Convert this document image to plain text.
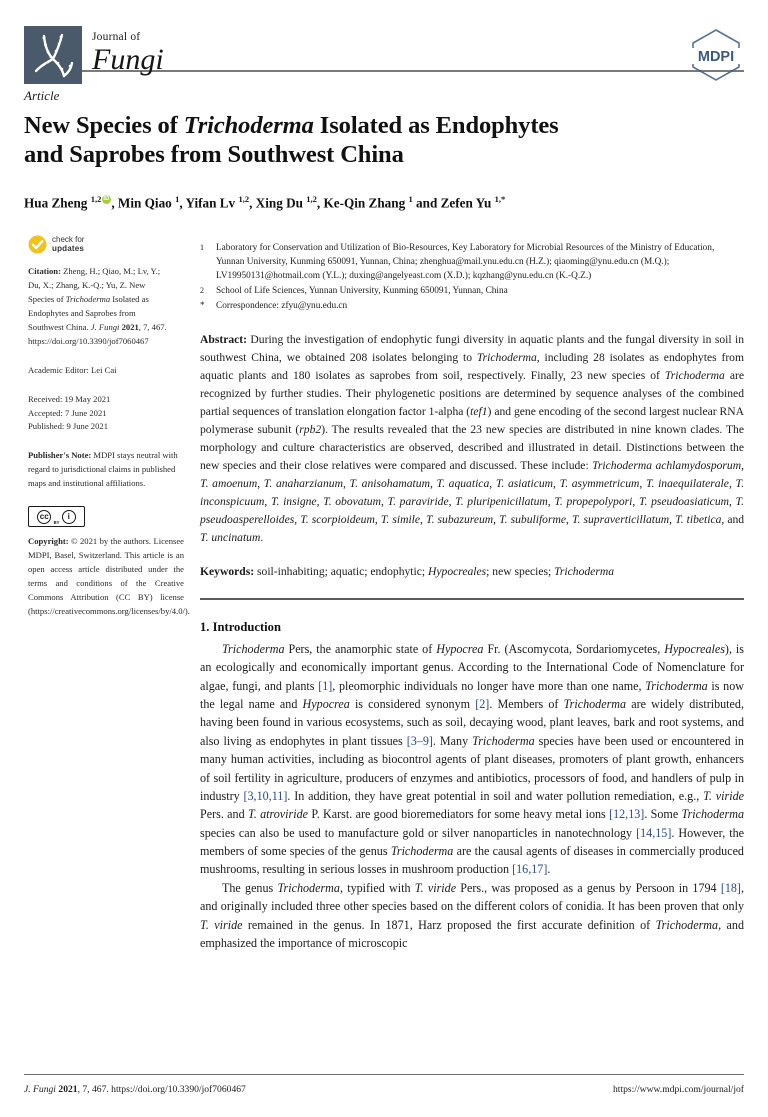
Journal of
Fungi	MDPI
Article
New Species of Trichoderma Isolated as Endophytes
and Saprobes from Southwest China
Hua Zheng $^{1,2}$ iD , Min Qiao $^1$, Yifan Lv $^{1,2}$, Xing Du $^{1,2}$, Ke-Qin Zhang $^1$ and Zefen Yu $^{1,*}$
check for
updates
Citation: Zheng, H.; Qiao, M.; Lv, Y.;
Du, X.; Zhang, K.-Q.; Yu, Z. New
Species of Trichoderma Isolated as
Endophytes and Saprobes from
Southwest China. J. Fungi 2021, 7, 467.
https://doi.org/10.3390/jof7060467
Academic Editor: Lei Cai
Received: 19 May 2021
Accepted: 7 June 2021
Published: 9 June 2021
Publisher's Note: MDPI stays neutral with regard to jurisdictional claims in published maps and institutional affiliations.
cc	i
BY
Copyright: © 2021 by the authors. Licensee MDPI, Basel, Switzerland. This article is an open access article distributed under the terms and conditions of the Creative Commons Attribution (CC BY) license (https://creativecommons.org/licenses/by/4.0/).
1	Laboratory for Conservation and Utilization of Bio-Resources, Key Laboratory for Microbial Resources of the Ministry of Education, Yunnan University, Kunming 650091, Yunnan, China; zhenghua@mail.ynu.edu.cn (H.Z.); qiaoming@ynu.edu.cn (M.Q.); LV19950131@hotmail.com (Y.L.); duxing@angelyeast.com (X.D.); kqzhang@ynu.edu.cn (K.-Q.Z.)
2	School of Life Sciences, Yunnan University, Kunming 650091, Yunnan, China
*	Correspondence: zfyu@ynu.edu.cn
Abstract: During the investigation of endophytic fungi diversity in aquatic plants and the fungal diversity in soil in southwest China, we obtained 208 isolates belonging to Trichoderma, including 28 isolates as endophytes from aquatic plants and 180 isolates as saprobes from soil, respectively. Finally, 23 new species of Trichoderma are recognized by further studies. Their phylogenetic positions are determined by sequence analyses of the combined partial sequences of translation elongation factor 1-alpha (tef1) and gene encoding of the second largest nuclear RNA polymerase subunit (rpb2). The results revealed that the 23 new species are distributed in nine known clades. The morphology and culture characteristics are observed, described and illustrated in detail. Distinctions between the new species and their close relatives were compared and discussed. These include: Trichoderma achlamydosporum, T. amoenum, T. anaharzianum, T. anisohamatum, T. aquatica, T. asiaticum, T. asymmetricum, T. inaequilaterale, T. inconspicuum, T. insigne, T. obovatum, T. paraviride, T. pluripenicillatum, T. propepolypori, T. pseudoasiaticum, T. pseudoasperelloides, T. scorpioideum, T. simile, T. subazureum, T. subuliforme, T. supraverticillatum, T. tibetica, and T. uncinatum.
Keywords: soil-inhabiting; aquatic; endophytic; Hypocreales; new species; Trichoderma
1. Introduction

Trichoderma Pers, the anamorphic state of Hypocrea Fr. (Ascomycota, Sordariomycetes, Hypocreales), is an ecologically and economically important genus. According to the International Code of Nomenclature for algae, fungi, and plants [1], pleomorphic individuals no longer have more than one name, Trichoderma is now the legal name and Hypocrea is considered synonym [2]. Members of Trichoderma are widely distributed, having been found in various ecosystems, such as soil, decaying wood, plant leaves, bark and root systems, and also living as endophytes in plant tissues [3–9]. Many Trichoderma species have been used or encountered in many human activities, including as biocontrol agents of plant diseases, promoters of plant growth, enhancers of soil fertility in agriculture, producers of enzymes and antibiotics, processors of food, and handlers of pulp in industry [3,10,11]. In addition, they have great potential in soil and water pollution remediation, e.g., T. viride Pers. and T. atroviride P. Karst. are good bioremediators for some heavy metal ions [12,13]. Some Trichoderma species can also be used to manufacture gold or silver nanoparticles in nanotechnology [14,15]. However, the members of some species of the genus Trichoderma are the causal agents of diseases in commercially produced mushrooms, resulting in serious losses in mushroom production [16,17].

The genus Trichoderma, typified with T. viride Pers., was proposed as a genus by Persoon in 1794 [18], and originally included three other species based on the different colors of conidia. It has been proven that only T. viride remained in the genus. In 1871, Harz proposed the first accurate definition of Trichoderma, and emphasized the importance of microscopic

J. Fungi 2021, 7, 467. https://doi.org/10.3390/jof7060467	https://www.mdpi.com/journal/jof
